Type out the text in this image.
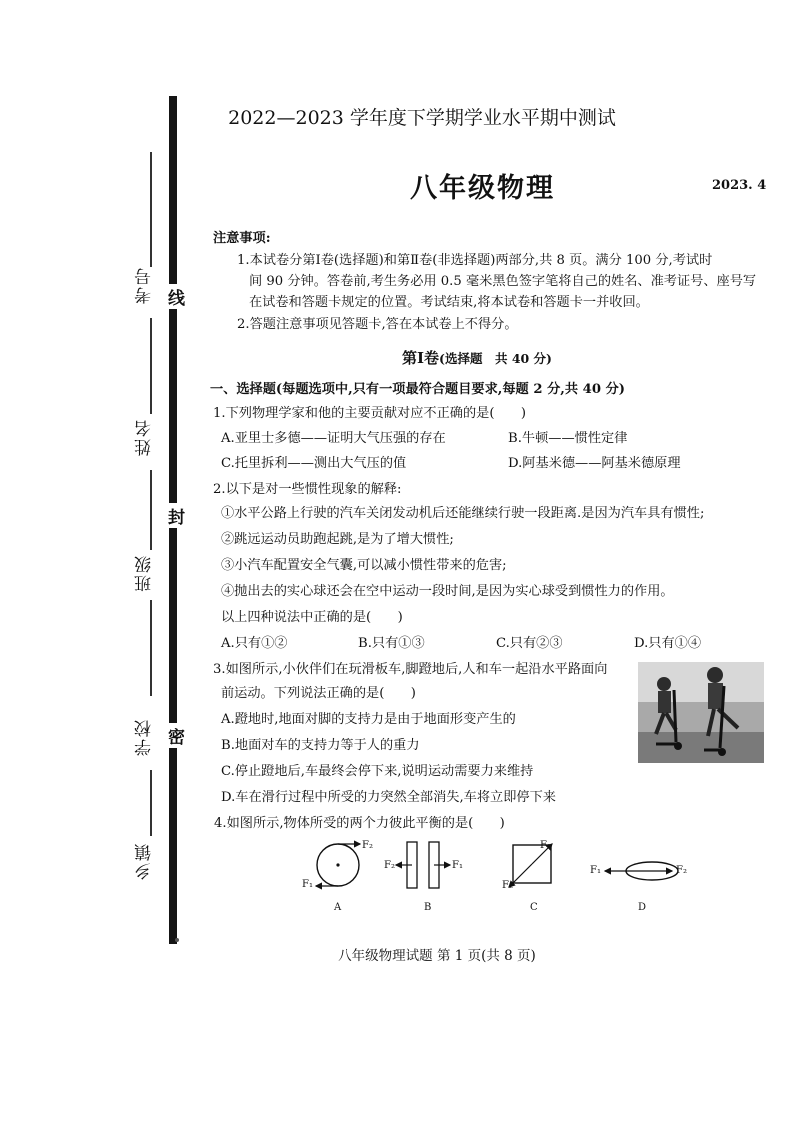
考号
姓名
班级
学校
乡镇
线
封
密
2022—2023 学年度下学期学业水平期中测试
八年级物理	2023. 4
注意事项:
1.本试卷分第Ⅰ卷(选择题)和第Ⅱ卷(非选择题)两部分,共 8 页。满分 100 分,考试时
间 90 分钟。答卷前,考生务必用 0.5 毫米黑色签字笔将自己的姓名、准考证号、座号写
在试卷和答题卡规定的位置。考试结束,将本试卷和答题卡一并收回。
2.答题注意事项见答题卡,答在本试卷上不得分。
第Ⅰ卷(选择题　共 40 分)
一、选择题(每题选项中,只有一项最符合题目要求,每题 2 分,共 40 分)
1.下列物理学家和他的主要贡献对应不正确的是(　　)
A.亚里士多德——证明大气压强的存在	B.牛顿——惯性定律
C.托里拆利——测出大气压的值	D.阿基米德——阿基米德原理
2.以下是对一些惯性现象的解释:
①水平公路上行驶的汽车关闭发动机后还能继续行驶一段距离.是因为汽车具有惯性;
②跳远运动员助跑起跳,是为了增大惯性;
③小汽车配置安全气囊,可以减小惯性带来的危害;
④抛出去的实心球还会在空中运动一段时间,是因为实心球受到惯性力的作用。
以上四种说法中正确的是(　　)
A.只有①②	B.只有①③	C.只有②③	D.只有①④
3.如图所示,小伙伴们在玩滑板车,脚蹬地后,人和车一起沿水平路面向
前运动。下列说法正确的是(　　)
A.蹬地时,地面对脚的支持力是由于地面形变产生的
B.地面对车的支持力等于人的重力
C.停止蹬地后,车最终会停下来,说明运动需要力来维持
D.车在滑行过程中所受的力突然全部消失,车将立即停下来
4.如图所示,物体所受的两个力彼此平衡的是(　　)
F₂
F₁
F₂	F₁
F₁
F₂
F₁	F₂
A	B	C	D
八年级物理试题 第 1 页(共 8 页)
